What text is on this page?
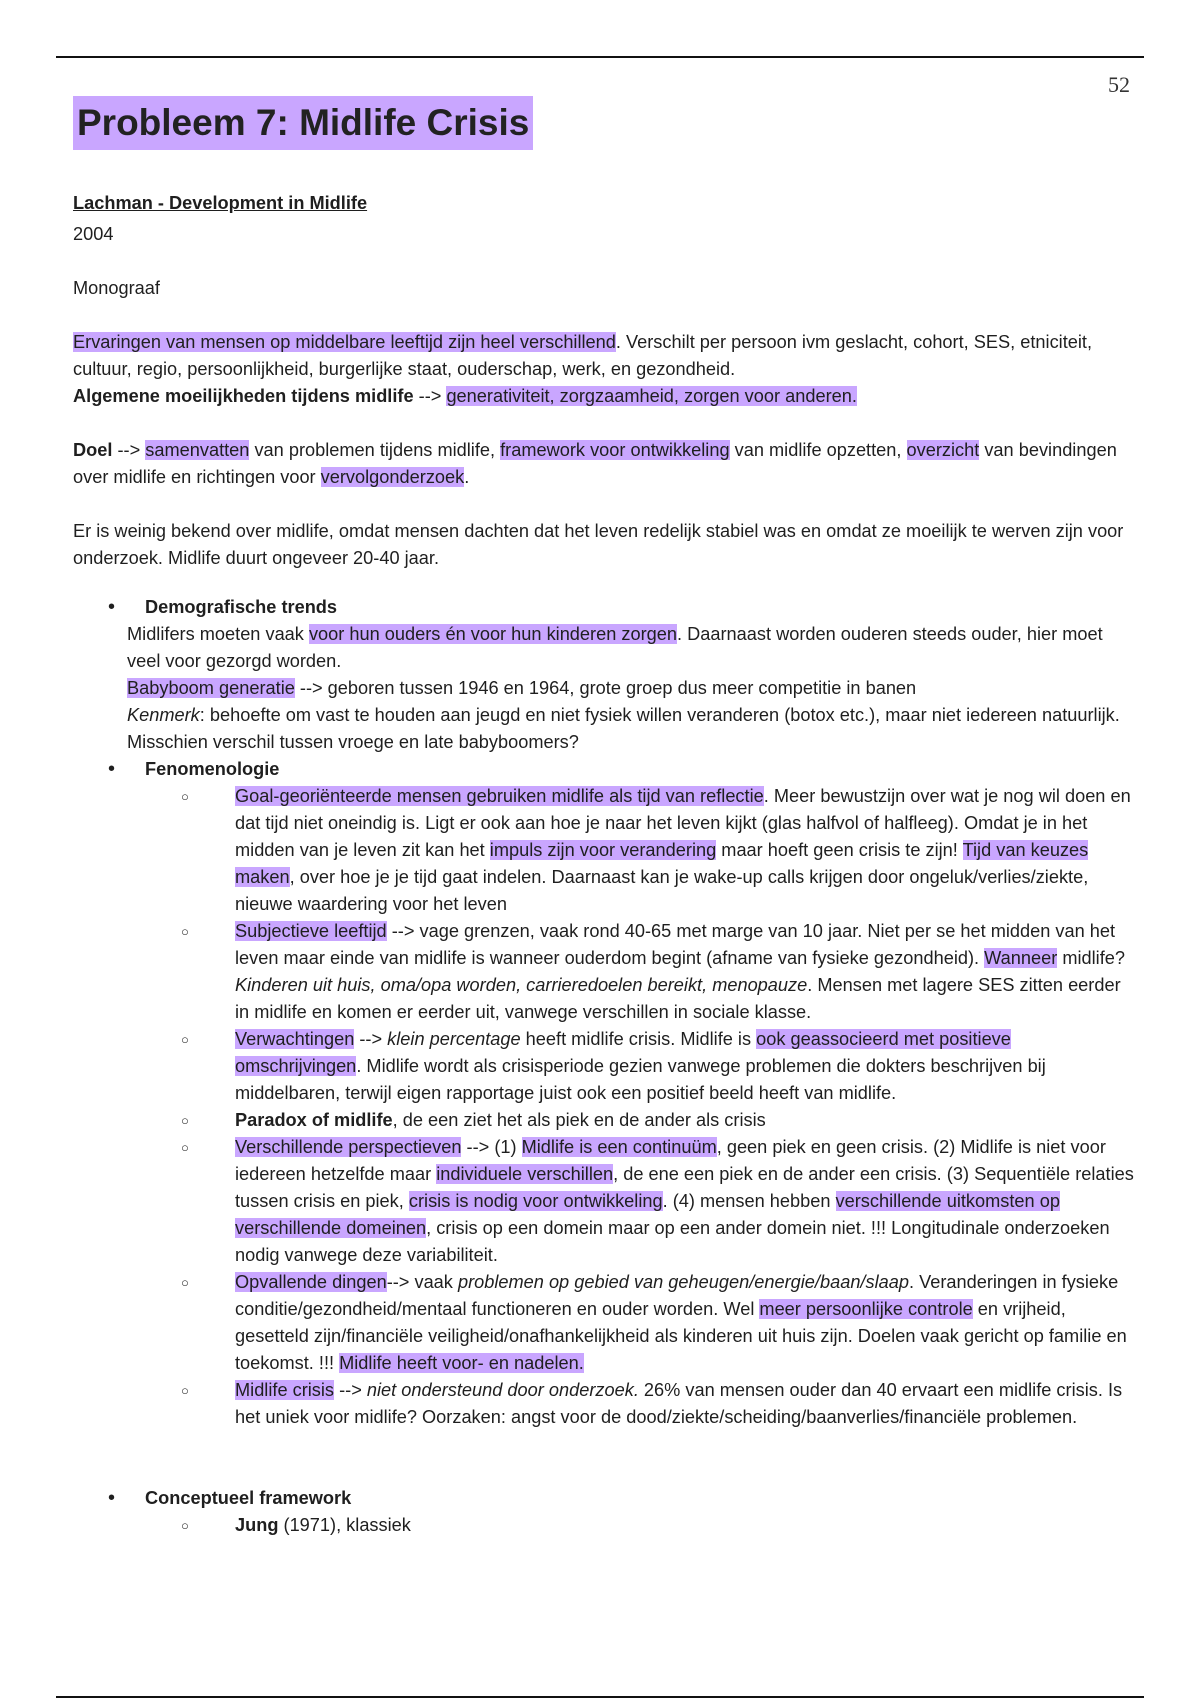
52
Probleem 7: Midlife Crisis

Lachman - Development in Midlife

2004

Monograaf

Ervaringen van mensen op middelbare leeftijd zijn heel verschillend. Verschilt per persoon ivm geslacht, cohort, SES, etniciteit, cultuur, regio, persoonlijkheid, burgerlijke staat, ouderschap, werk, en gezondheid.
Algemene moeilijkheden tijdens midlife --> generativiteit, zorgzaamheid, zorgen voor anderen.

Doel --> samenvatten van problemen tijdens midlife, framework voor ontwikkeling van midlife opzetten, overzicht van bevindingen over midlife en richtingen voor vervolgonderzoek.

Er is weinig bekend over midlife, omdat mensen dachten dat het leven redelijk stabiel was en omdat ze moeilijk te werven zijn voor onderzoek. Midlife duurt ongeveer 20-40 jaar.

• Demografische trends
Midlifers moeten vaak voor hun ouders én voor hun kinderen zorgen. Daarnaast worden ouderen steeds ouder, hier moet veel voor gezorgd worden.
Babyboom generatie --> geboren tussen 1946 en 1964, grote groep dus meer competitie in banen
Kenmerk: behoefte om vast te houden aan jeugd en niet fysiek willen veranderen (botox etc.), maar niet iedereen natuurlijk. Misschien verschil tussen vroege en late babyboomers?
• Fenomenologie
○ Goal-georiënteerde mensen gebruiken midlife als tijd van reflectie. Meer bewustzijn over wat je nog wil doen en dat tijd niet oneindig is. Ligt er ook aan hoe je naar het leven kijkt (glas halfvol of halfleeg). Omdat je in het midden van je leven zit kan het impuls zijn voor verandering maar hoeft geen crisis te zijn! Tijd van keuzes maken, over hoe je je tijd gaat indelen. Daarnaast kan je wake-up calls krijgen door ongeluk/verlies/ziekte, nieuwe waardering voor het leven
○ Subjectieve leeftijd --> vage grenzen, vaak rond 40-65 met marge van 10 jaar. Niet per se het midden van het leven maar einde van midlife is wanneer ouderdom begint (afname van fysieke gezondheid). Wanneer midlife? Kinderen uit huis, oma/opa worden, carrieredoelen bereikt, menopauze. Mensen met lagere SES zitten eerder in midlife en komen er eerder uit, vanwege verschillen in sociale klasse.
○ Verwachtingen --> klein percentage heeft midlife crisis. Midlife is ook geassocieerd met positieve omschrijvingen. Midlife wordt als crisisperiode gezien vanwege problemen die dokters beschrijven bij middelbaren, terwijl eigen rapportage juist ook een positief beeld heeft van midlife.
○ Paradox of midlife, de een ziet het als piek en de ander als crisis
○ Verschillende perspectieven --> (1) Midlife is een continuüm, geen piek en geen crisis. (2) Midlife is niet voor iedereen hetzelfde maar individuele verschillen, de ene een piek en de ander een crisis. (3) Sequentiële relaties tussen crisis en piek, crisis is nodig voor ontwikkeling. (4) mensen hebben verschillende uitkomsten op verschillende domeinen, crisis op een domein maar op een ander domein niet. !!! Longitudinale onderzoeken nodig vanwege deze variabiliteit.
○ Opvallende dingen--> vaak problemen op gebied van geheugen/energie/baan/slaap. Veranderingen in fysieke conditie/gezondheid/mentaal functioneren en ouder worden. Wel meer persoonlijke controle en vrijheid, gesetteld zijn/financiële veiligheid/onafhankelijkheid als kinderen uit huis zijn. Doelen vaak gericht op familie en toekomst. !!! Midlife heeft voor- en nadelen.
○ Midlife crisis --> niet ondersteund door onderzoek. 26% van mensen ouder dan 40 ervaart een midlife crisis. Is het uniek voor midlife? Oorzaken: angst voor de dood/ziekte/scheiding/baanverlies/financiële problemen.
• Conceptueel framework
○ Jung (1971), klassiek
